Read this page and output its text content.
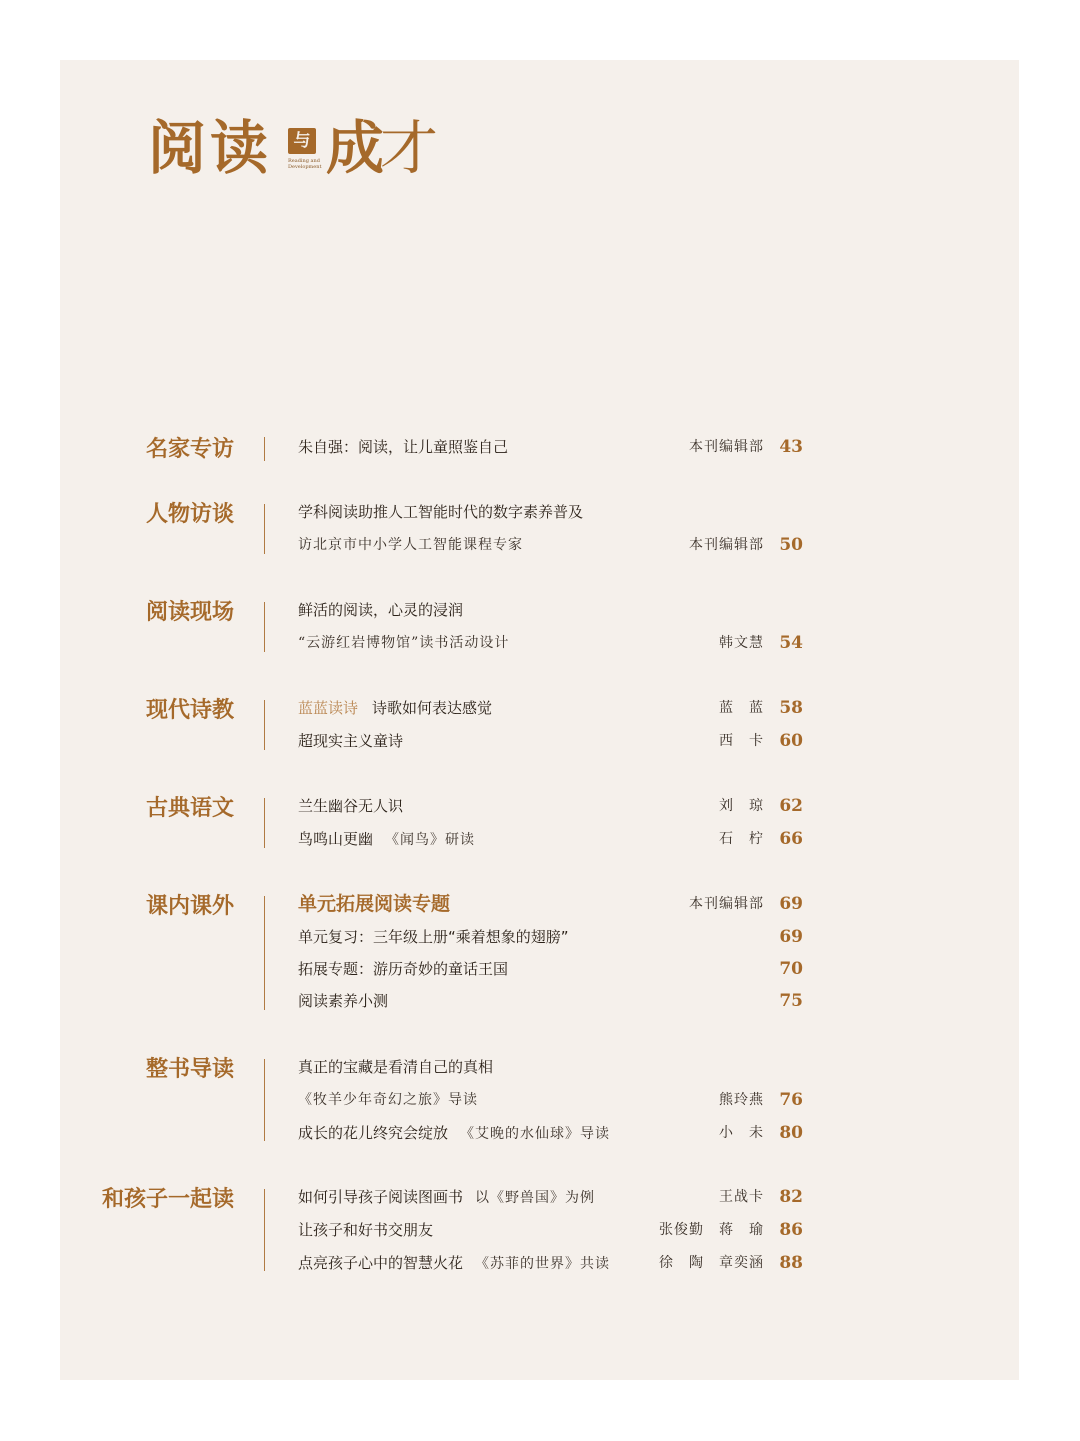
阅 读	与
Reading and
Development 成
才
名家专访	朱自强：阅读，让儿童照鉴自己	本刊编辑部 43
人物访谈	学科阅读助推人工智能时代的数字素养普及
访北京市中小学人工智能课程专家	本刊编辑部 50
阅读现场	鲜活的阅读，心灵的浸润
“云游红岩博物馆”读书活动设计	韩文慧 54
现代诗教	蓝蓝读诗 诗歌如何表达感觉	蓝　蓝 58
超现实主义童诗	西　卡 60
古典语文	兰生幽谷无人识	刘　琼 62
鸟鸣山更幽 《闻鸟》研读	石　柠 66
课内课外	单元拓展阅读专题	本刊编辑部 69
单元复习：三年级上册“乘着想象的翅膀”	69
拓展专题：游历奇妙的童话王国	70
阅读素养小测	75
整书导读	真正的宝藏是看清自己的真相
《牧羊少年奇幻之旅》导读	熊玲燕 76
成长的花儿终究会绽放 《艾晚的水仙球》导读	小　未 80
和孩子一起读	如何引导孩子阅读图画书 以《野兽国》为例	王战卡 82
让孩子和好书交朋友	张俊勤　蒋　瑜 86
点亮孩子心中的智慧火花 《苏菲的世界》共读	徐　陶　章奕涵 88
